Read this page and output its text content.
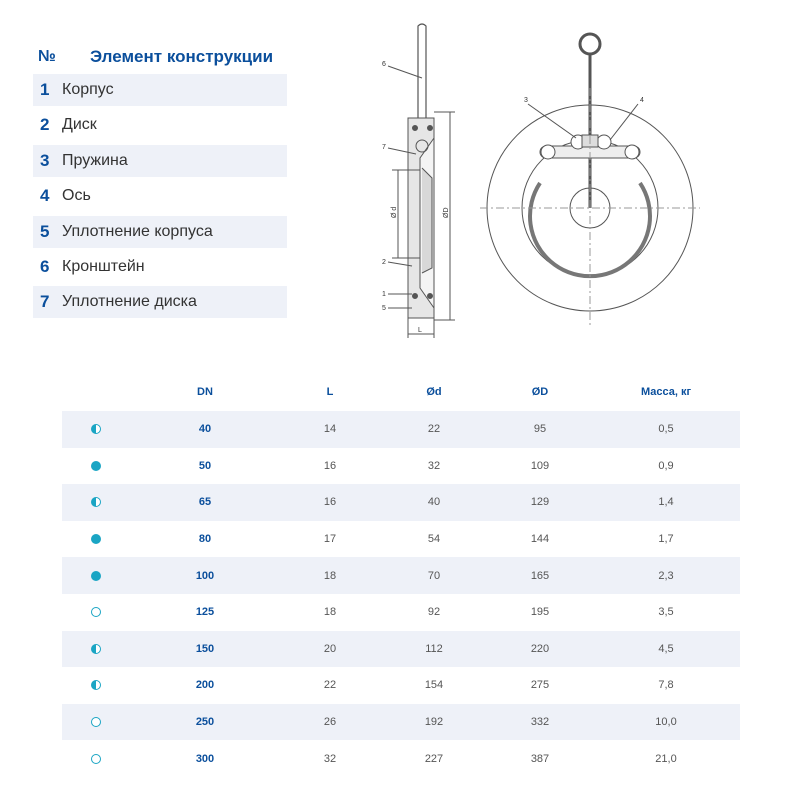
№ Элемент конструкции
1 Корпус
2 Диск
3 Пружина
4 Ось
5 Уплотнение корпуса
6 Кронштейн
7 Уплотнение диска
6
7
2
1
5
3	4
Ø d	ØD
L
DN	L	Ød	ØD	Масса, кг
40	14	22	95	0,5
50	16	32	109	0,9
65	16	40	129	1,4
80	17	54	144	1,7
100	18	70	165	2,3
125	18	92	195	3,5
150	20	112	220	4,5
200	22	154	275	7,8
250	26	192	332	10,0
300	32	227	387	21,0
